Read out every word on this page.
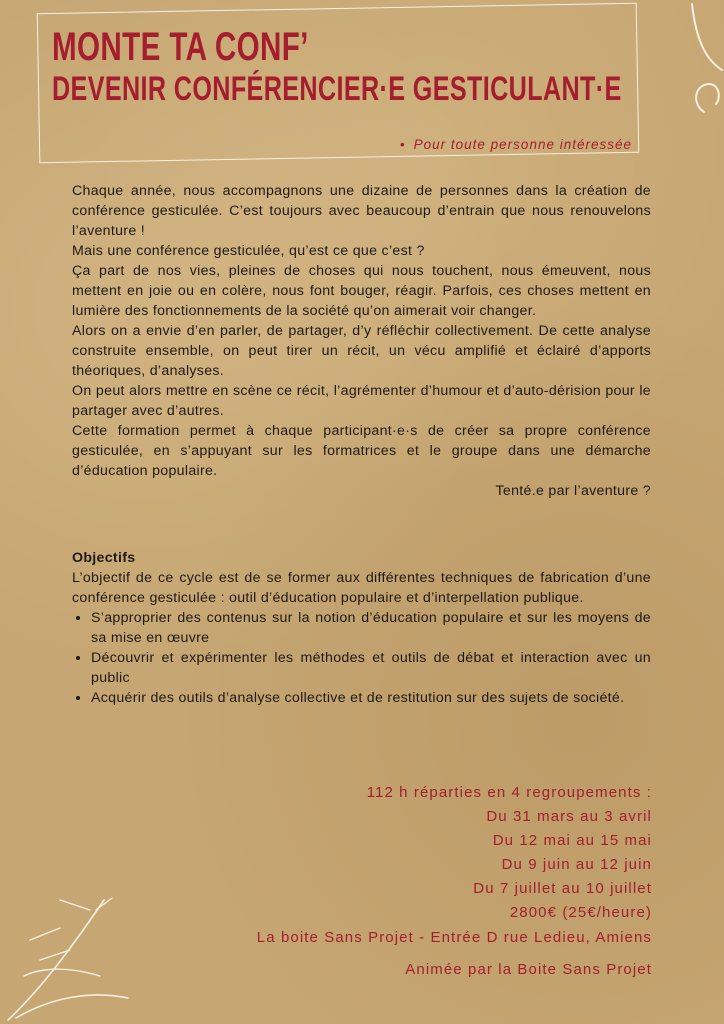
MONTE TA CONF’
DEVENIR CONFÉRENCIER·E GESTICULANT·E

• Pour toute personne intéressée

Chaque année, nous accompagnons une dizaine de personnes dans la création de conférence gesticulée. C’est toujours avec beaucoup d’entrain que nous renouvelons l’aventure !

Mais une conférence gesticulée, qu’est ce que c’est ?

Ça part de nos vies, pleines de choses qui nous touchent, nous émeuvent, nous mettent en joie ou en colère, nous font bouger, réagir. Parfois, ces choses mettent en lumière des fonctionnements de la société qu’on aimerait voir changer.

Alors on a envie d’en parler, de partager, d’y réfléchir collectivement. De cette analyse construite ensemble, on peut tirer un récit, un vécu amplifié et éclairé d’apports théoriques, d’analyses.

On peut alors mettre en scène ce récit, l’agrémenter d’humour et d’auto-dérision pour le partager avec d’autres.

Cette formation permet à chaque participant·e·s de créer sa propre conférence gesticulée, en s’appuyant sur les formatrices et le groupe dans une démarche d’éducation populaire.

Tenté.e par l’aventure ?

Objectifs

L’objectif de ce cycle est de se former aux différentes techniques de fabrication d’une conférence gesticulée : outil d’éducation populaire et d’interpellation publique.

• S’approprier des contenus sur la notion d’éducation populaire et sur les moyens de sa mise en œuvre
• Découvrir et expérimenter les méthodes et outils de débat et interaction avec un public
• Acquérir des outils d’analyse collective et de restitution sur des sujets de société.

112 h réparties en 4 regroupements :

Du 31 mars au 3 avril

Du 12 mai au 15 mai

Du 9 juin au 12 juin

Du 7 juillet au 10 juillet

2800€ (25€/heure)

La boite Sans Projet - Entrée D rue Ledieu, Amiens

Animée par la Boite Sans Projet
